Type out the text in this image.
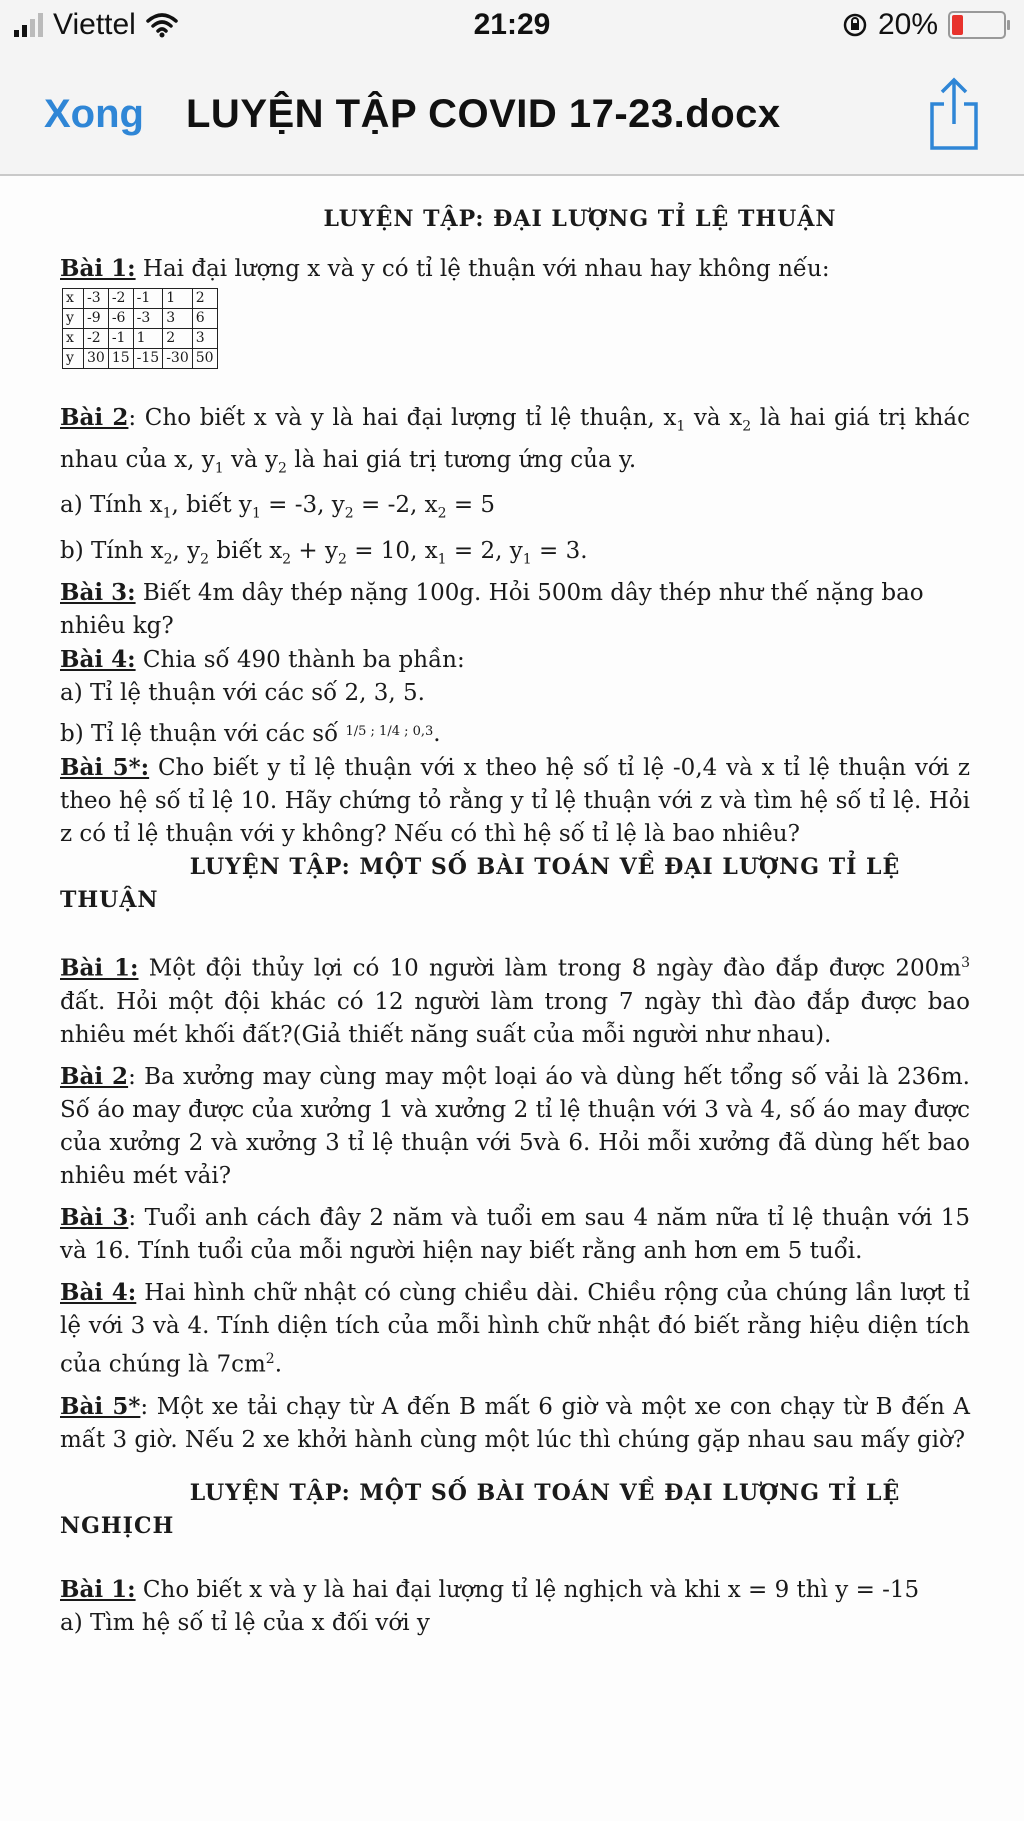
Viettel	21:29	20%
Xong LUYỆN TẬP COVID 17-23.docx
LUYỆN TẬP: ĐẠI LƯỢNG TỈ LỆ THUẬN

Bài 1: Hai đại lượng x và y có tỉ lệ thuận với nhau hay không nếu:

x	-3	-2	-1	1	2
y	-9	-6	-3	3	6
x	-2	-1	1	2	3
y	30	15	-15	-30	50

Bài 2: Cho biết x và y là hai đại lượng tỉ lệ thuận, $x_1$ và $x_2$ là hai giá trị khác nhau của x, $y_1$ và $y_2$ là hai giá trị tương ứng của y.

a) Tính $x_1$, biết $y_1 = -3$, $y_2 = -2$, $x_2 = 5$

b) Tính $x_2$, $y_2$ biết $x_2 + y_2 = 10$, $x_1 = 2$, $y_1 = 3$.

Bài 3: Biết 4m dây thép nặng 100g. Hỏi 500m dây thép như thế nặng bao nhiêu kg?

Bài 4: Chia số 490 thành ba phần:

a) Tỉ lệ thuận với các số 2, 3, 5.

b) Tỉ lệ thuận với các số 1/5 ; 1/4 ; 0,3.

Bài 5*: Cho biết y tỉ lệ thuận với x theo hệ số tỉ lệ -0,4 và x tỉ lệ thuận với z theo hệ số tỉ lệ 10. Hãy chứng tỏ rằng y tỉ lệ thuận với z và tìm hệ số tỉ lệ. Hỏi z có tỉ lệ thuận với y không? Nếu có thì hệ số tỉ lệ là bao nhiêu?

LUYỆN TẬP: MỘT SỐ BÀI TOÁN VỀ ĐẠI LƯỢNG TỈ LỆ
THUẬN

Bài 1: Một đội thủy lợi có 10 người làm trong 8 ngày đào đắp được $200m^3$ đất. Hỏi một đội khác có 12 người làm trong 7 ngày thì đào đắp được bao nhiêu mét khối đất?(Giả thiết năng suất của mỗi người như nhau).

Bài 2: Ba xưởng may cùng may một loại áo và dùng hết tổng số vải là 236m. Số áo may được của xưởng 1 và xưởng 2 tỉ lệ thuận với 3 và 4, số áo may được của xưởng 2 và xưởng 3 tỉ lệ thuận với 5và 6. Hỏi mỗi xưởng đã dùng hết bao nhiêu mét vải?

Bài 3: Tuổi anh cách đây 2 năm và tuổi em sau 4 năm nữa tỉ lệ thuận với 15 và 16. Tính tuổi của mỗi người hiện nay biết rằng anh hơn em 5 tuổi.

Bài 4: Hai hình chữ nhật có cùng chiều dài. Chiều rộng của chúng lần lượt tỉ lệ với 3 và 4. Tính diện tích của mỗi hình chữ nhật đó biết rằng hiệu diện tích của chúng là $7cm^2$.

Bài 5*: Một xe tải chạy từ A đến B mất 6 giờ và một xe con chạy từ B đến A mất 3 giờ. Nếu 2 xe khởi hành cùng một lúc thì chúng gặp nhau sau mấy giờ?

LUYỆN TẬP: MỘT SỐ BÀI TOÁN VỀ ĐẠI LƯỢNG TỈ LỆ
NGHỊCH

Bài 1: Cho biết x và y là hai đại lượng tỉ lệ nghịch và khi x = 9 thì y = -15

a) Tìm hệ số tỉ lệ của x đối với y
